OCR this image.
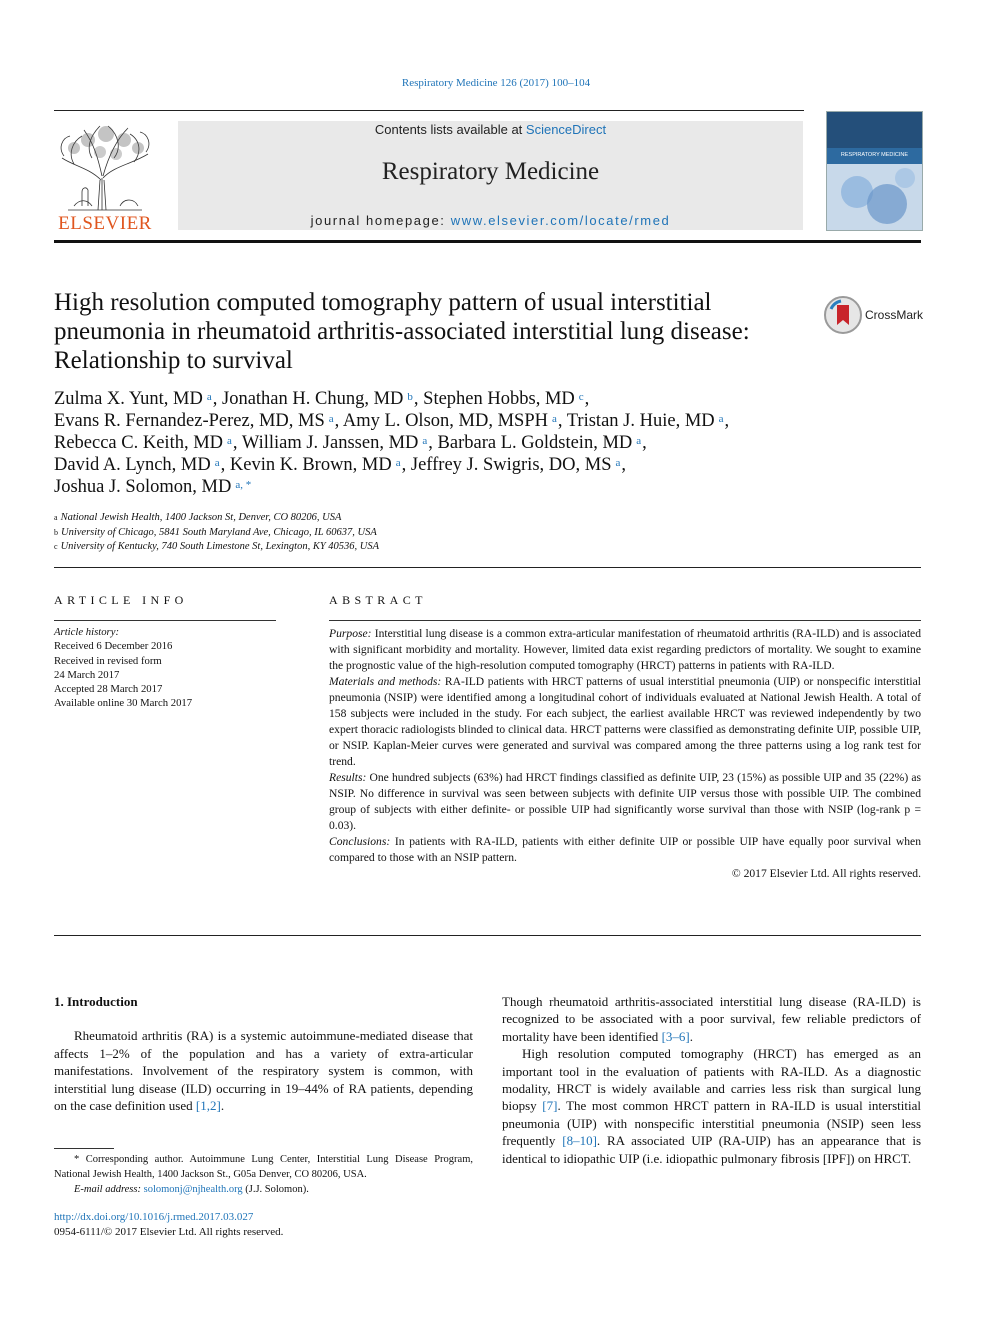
Respiratory Medicine 126 (2017) 100–104
ELSEVIER
Contents lists available at ScienceDirect
Respiratory Medicine
journal homepage: www.elsevier.com/locate/rmed
RESPIRATORY MEDICINE
High resolution computed tomography pattern of usual interstitial pneumonia in rheumatoid arthritis-associated interstitial lung disease: Relationship to survival
CrossMark
Zulma X. Yunt, MD $^a$, Jonathan H. Chung, MD $^b$, Stephen Hobbs, MD $^c$,
Evans R. Fernandez-Perez, MD, MS $^a$, Amy L. Olson, MD, MSPH $^a$, Tristan J. Huie, MD $^a$,
Rebecca C. Keith, MD $^a$, William J. Janssen, MD $^a$, Barbara L. Goldstein, MD $^a$,
David A. Lynch, MD $^a$, Kevin K. Brown, MD $^a$, Jeffrey J. Swigris, DO, MS $^a$,
Joshua J. Solomon, MD $^{a, *}$
$^a$ National Jewish Health, 1400 Jackson St, Denver, CO 80206, USA
$^b$ University of Chicago, 5841 South Maryland Ave, Chicago, IL 60637, USA
$^c$ University of Kentucky, 740 South Limestone St, Lexington, KY 40536, USA
ARTICLE INFO	ABSTRACT
Article history:
Received 6 December 2016
Received in revised form
24 March 2017
Accepted 28 March 2017
Available online 30 March 2017

Purpose: Interstitial lung disease is a common extra-articular manifestation of rheumatoid arthritis (RA-ILD) and is associated with significant morbidity and mortality. However, limited data exist regarding predictors of mortality. We sought to examine the prognostic value of the high-resolution computed tomography (HRCT) patterns in patients with RA-ILD.

Materials and methods: RA-ILD patients with HRCT patterns of usual interstitial pneumonia (UIP) or nonspecific interstitial pneumonia (NSIP) were identified among a longitudinal cohort of individuals evaluated at National Jewish Health. A total of 158 subjects were included in the study. For each subject, the earliest available HRCT was reviewed independently by two expert thoracic radiologists blinded to clinical data. HRCT patterns were classified as demonstrating definite UIP, possible UIP, or NSIP. Kaplan-Meier curves were generated and survival was compared among the three patterns using a log rank test for trend.

Results: One hundred subjects (63%) had HRCT findings classified as definite UIP, 23 (15%) as possible UIP and 35 (22%) as NSIP. No difference in survival was seen between subjects with definite UIP versus those with possible UIP. The combined group of subjects with either definite- or possible UIP had significantly worse survival than those with NSIP (log-rank p = 0.03).

Conclusions: In patients with RA-ILD, patients with either definite UIP or possible UIP have equally poor survival when compared to those with an NSIP pattern.

© 2017 Elsevier Ltd. All rights reserved.

1. Introduction

Rheumatoid arthritis (RA) is a systemic autoimmune-mediated disease that affects 1–2% of the population and has a variety of extra-articular manifestations. Involvement of the respiratory system is common, with interstitial lung disease (ILD) occurring in 19–44% of RA patients, depending on the case definition used [1,2].

Though rheumatoid arthritis-associated interstitial lung disease (RA-ILD) is recognized to be associated with a poor survival, few reliable predictors of mortality have been identified [3–6].

High resolution computed tomography (HRCT) has emerged as an important tool in the evaluation of patients with RA-ILD. As a diagnostic modality, HRCT is widely available and carries less risk than surgical lung biopsy [7]. The most common HRCT pattern in RA-ILD is usual interstitial pneumonia (UIP) with nonspecific interstitial pneumonia (NSIP) seen less frequently [8–10]. RA associated UIP (RA-UIP) has an appearance that is identical to idiopathic UIP (i.e. idiopathic pulmonary fibrosis [IPF]) on HRCT.

* Corresponding author. Autoimmune Lung Center, Interstitial Lung Disease Program, National Jewish Health, 1400 Jackson St., G05a Denver, CO 80206, USA.
E-mail address: solomonj@njhealth.org (J.J. Solomon).
http://dx.doi.org/10.1016/j.rmed.2017.03.027
0954-6111/© 2017 Elsevier Ltd. All rights reserved.
